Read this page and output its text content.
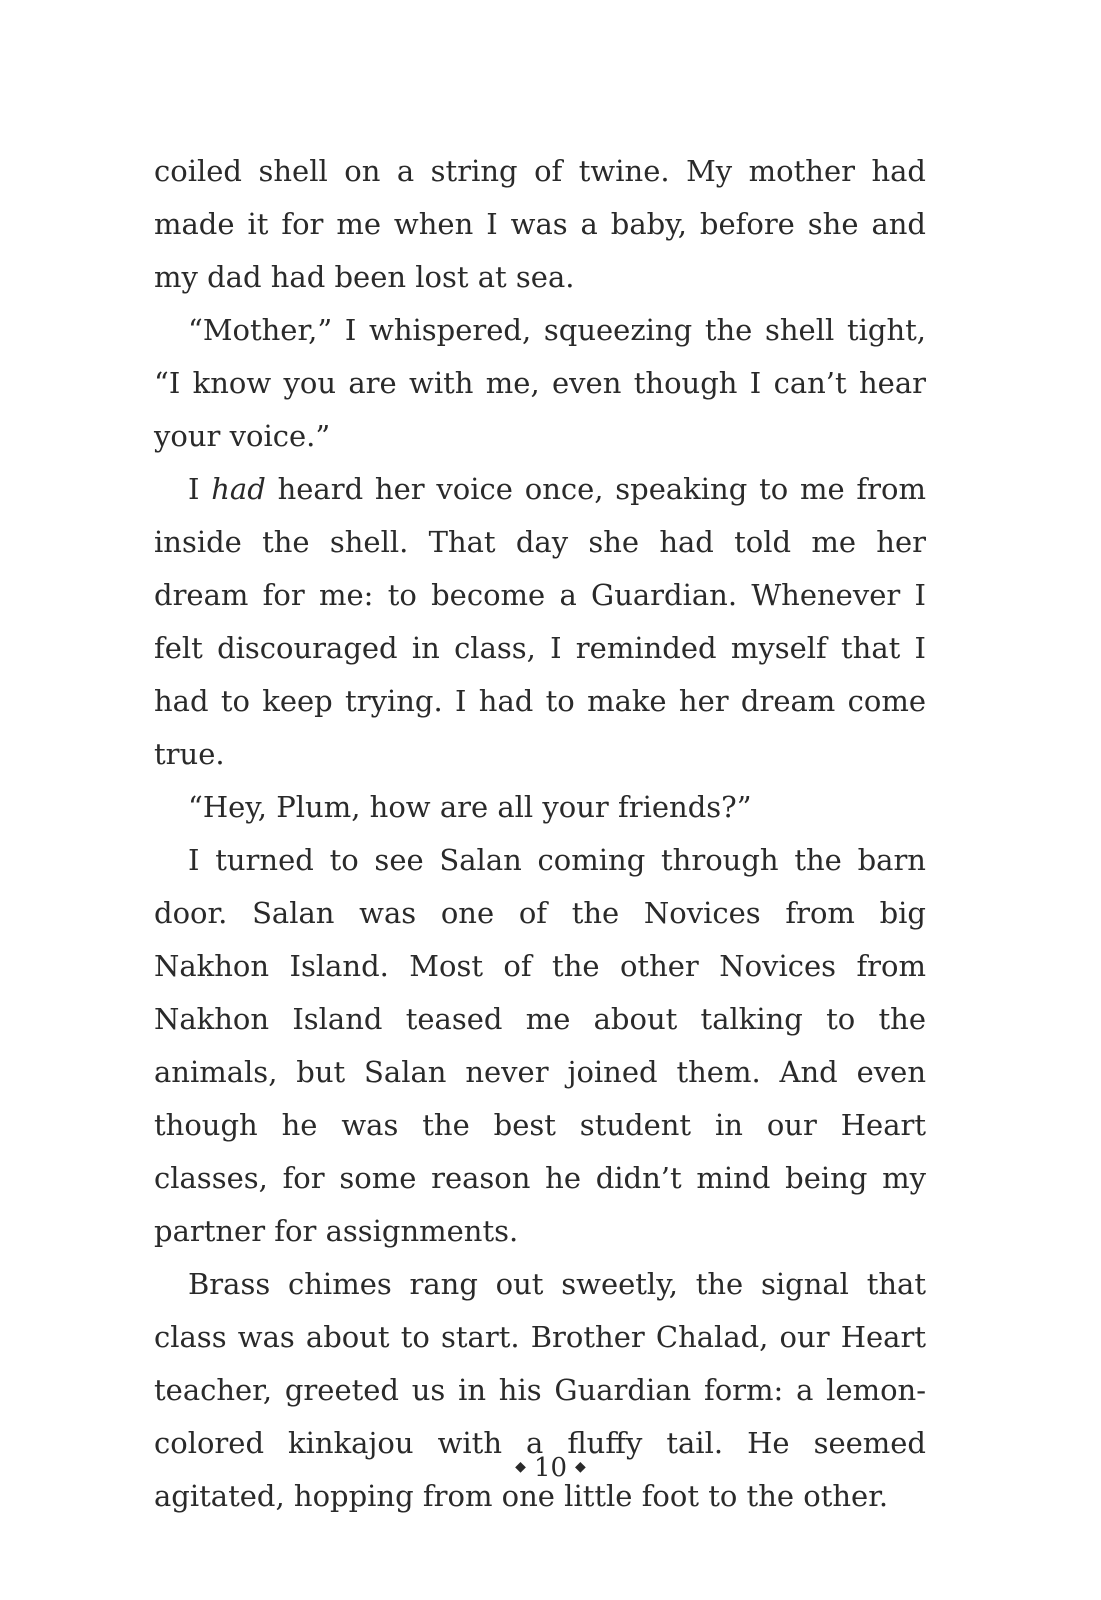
coiled shell on a string of twine. My mother had made it for me when I was a baby, before she and my dad had been lost at sea.

“Mother,” I whispered, squeezing the shell tight, “I know you are with me, even though I can’t hear your voice.”

I had heard her voice once, speaking to me from inside the shell. That day she had told me her dream for me: to become a Guardian. Whenever I felt discouraged in class, I reminded myself that I had to keep trying. I had to make her dream come true.

“Hey, Plum, how are all your friends?”

I turned to see Salan coming through the barn door. Salan was one of the Novices from big Nakhon Island. Most of the other Novices from Nakhon Island teased me about talking to the animals, but Salan never joined them. And even though he was the best student in our Heart classes, for some reason he didn’t mind being my partner for assignments.

Brass chimes rang out sweetly, the signal that class was about to start. Brother Chalad, our Heart teacher, greeted us in his Guardian form: a lemon-colored kinkajou with a fluffy tail. He seemed agitated, hopping from one little foot to the other.

◆ 10 ◆
